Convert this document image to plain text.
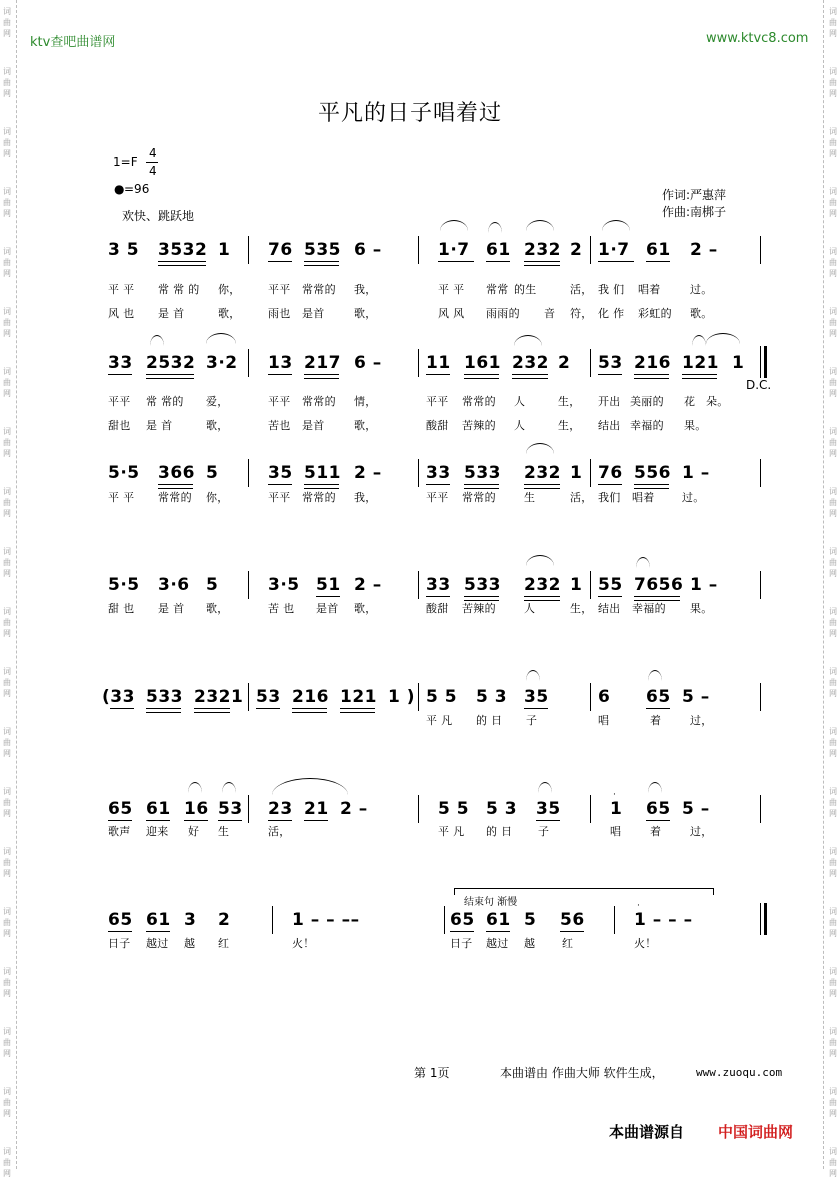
词
曲
网
词
曲
网
词
曲
网
词
曲
网
词
曲
网
词
曲
网
词
曲
网
词
曲
网
词
曲
网
词
曲
网
词
曲
网
词
曲
网
词
曲
网
词
曲
网
词
曲
网
词
曲
网
词
曲
网
词
曲
网
词
曲
网
词
曲
网
词
曲
网
词
曲
网
词
曲
网
词
曲
网
词
曲
网
词
曲
网
词
曲
网
词
曲
网
词
曲
网
词
曲
网
词
曲
网
词
曲
网
词
曲
网
词
曲
网
词
曲
网
词
曲
网
词
曲
网
词
曲
网
词
曲
网
词
曲
网
ktv查吧曲谱网	www.ktvc8.com
平凡的日子唱着过
1=F
4
4
● =96
欢快、跳跃地
作词:严惠萍
作曲:南梆子
3 5 3532 1 76 535 6 –	1·7 61 232 2 1·7 61 2 –
平 平 常 常 的 你， 平平 常常的 我，	平 平 常常 的生	活， 我 们 唱着	过。
风 也 是 首	歌， 雨也 是首	歌，	风 风 雨雨的 音 符， 化 作 彩虹的 歌。
33 2532 3·2 13 217 6 –	11 161 232 2 53 216 121 1
D.C.
平平 常 常的 爱，	平平 常常的 情，	平平 常常的 人	生， 开出 美丽的 花 朵。
甜也 是 首	歌，	苦也 是首	歌，	酸甜 苦辣的 人	生， 结出 幸福的 果。
5·5 366 5	35 511 2 –	33 533 232 1 76 556 1 –
平 平 常常的 你，	平平 常常的 我，	平平 常常的	生	活， 我们 唱着 过。
5·5 3·6 5	3·5 51 2 –	33 533 232 1 55 7656 1 –
甜 也 是 首 歌，	苦 也 是首 歌，	酸甜 苦辣的	人	生， 结出 幸福的 果。
(33 533 2321 53 216 121 1 ) 5 5 5 3 35	6 65 5 –
平 凡 的 日 子	唱	着	过，
65 61 16 53 23 21 2 –	5 5 5 3 35
·
1 65 5 –
歌声 迎来 好 生	活，	平 凡 的 日 子	唱	着	过，
结束句 渐慢
65 61 3 2	1 – – ––	65 61 5 56
·
1 – – –
日子 越过 越 红	火！	日子 越过 越 红	火！
第 1页	本曲谱由 作曲大师 软件生成，	www.zuoqu.com
本曲谱源自 中国词曲网
